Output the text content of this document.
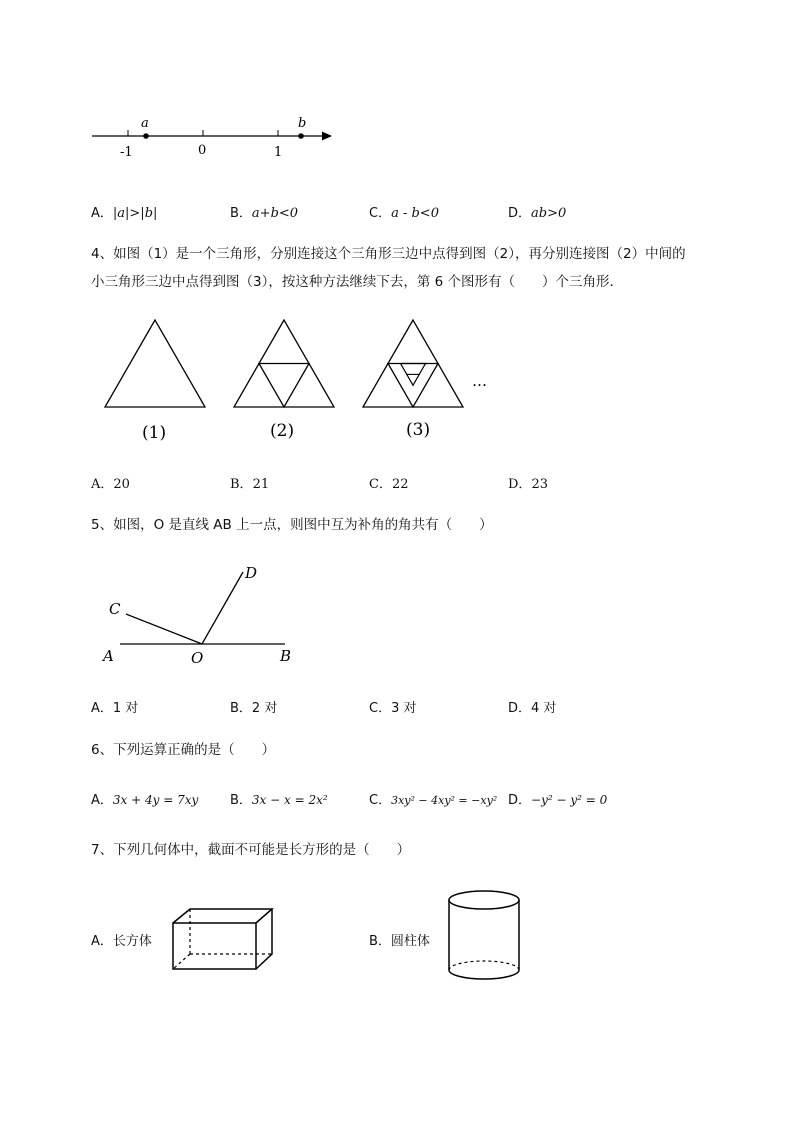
a	b
-1	0	1
A．|a|>|b|	B．a+b<0	C．a - b<0	D．ab>0
4、如图（1）是一个三角形，分别连接这个三角形三边中点得到图（2），再分别连接图（2）中间的
小三角形三边中点得到图（3），按这种方法继续下去，第 6 个图形有（　　）个三角形．
…
(1)	(2)	(3)
A．20	B．21	C．22	D．23
5、如图，O 是直线 AB 上一点，则图中互为补角的角共有（　　）
D
C
A	O	B
A．1 对	B．2 对	C．3 对	D．4 对
6、下列运算正确的是（　　）
A．3x + 4y = 7xy B．3x − x = 2x²	C．3xy² − 4xy² = −xy² D．−y² − y² = 0
7、下列几何体中，截面不可能是长方形的是（　　）
A．长方体	B．圆柱体
